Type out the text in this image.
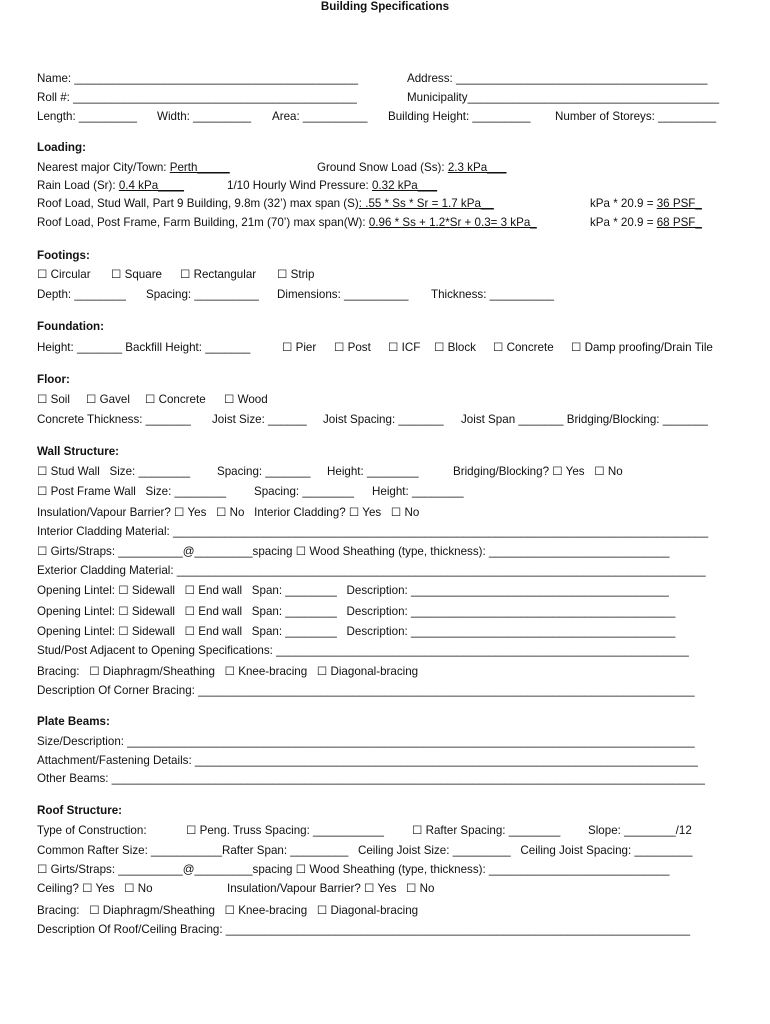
Building Specifications
Name: ____________________________________________	Address: _______________________________________
Roll #: ____________________________________________	Municipality_______________________________________
Length: _________ Width: _________ Area: __________ Building Height: _________ Number of Storeys: _________
Loading:
Nearest major City/Town: Perth_____	Ground Snow Load (Ss): 2.3 kPa___
Rain Load (Sr): 0.4 kPa____	1/10 Hourly Wind Pressure: 0.32 kPa___
Roof Load, Stud Wall, Part 9 Building, 9.8m (32’) max span (S): .55 * Ss * Sr = 1.7 kPa__	kPa * 20.9 = 36 PSF_
Roof Load, Post Frame, Farm Building, 21m (70’) max span(W): 0.96 * Ss + 1.2*Sr + 0.3= 3 kPa_	kPa * 20.9 = 68 PSF_
Footings:
☐ Circular ☐ Square ☐ Rectangular ☐ Strip
Depth: ________ Spacing: __________ Dimensions: __________ Thickness: __________
Foundation:
Height: _______ Backfill Height: _______	☐ Pier ☐ Post ☐ ICF ☐ Block ☐ Concrete ☐ Damp proofing/Drain Tile
Floor:
☐ Soil ☐ Gavel ☐ Concrete ☐ Wood
Concrete Thickness: _______ Joist Size: ______ Joist Spacing: _______ Joist Span _______ Bridging/Blocking: _______
Wall Structure:
☐ Stud Wall   Size: ________ Spacing: _______ Height: ________	Bridging/Blocking? ☐ Yes   ☐ No
☐ Post Frame Wall   Size: ________ Spacing: ________ Height: ________
Insulation/Vapour Barrier? ☐ Yes   ☐ No   Interior Cladding? ☐ Yes   ☐ No
Interior Cladding Material: ___________________________________________________________________________________
☐ Girts/Straps: __________@_________spacing ☐ Wood Sheathing (type, thickness): ____________________________
Exterior Cladding Material: __________________________________________________________________________________
Opening Lintel: ☐ Sidewall   ☐ End wall   Span: ________   Description: ________________________________________
Opening Lintel: ☐ Sidewall   ☐ End wall   Span: ________   Description: _________________________________________
Opening Lintel: ☐ Sidewall   ☐ End wall   Span: ________   Description: _________________________________________
Stud/Post Adjacent to Opening Specifications: ________________________________________________________________
Bracing:   ☐ Diaphragm/Sheathing   ☐ Knee-bracing   ☐ Diagonal-bracing
Description Of Corner Bracing: _____________________________________________________________________________
Plate Beams:
Size/Description: ________________________________________________________________________________________
Attachment/Fastening Details: ______________________________________________________________________________
Other Beams: ____________________________________________________________________________________________
Roof Structure:
Type of Construction:	☐ Peng. Truss Spacing: ___________ ☐ Rafter Spacing: ________ Slope: ________/12
Common Rafter Size: ___________Rafter Span: _________   Ceiling Joist Size: _________   Ceiling Joist Spacing: _________
☐ Girts/Straps: __________@_________spacing ☐ Wood Sheathing (type, thickness): ____________________________
Ceiling? ☐ Yes   ☐ No	Insulation/Vapour Barrier? ☐ Yes   ☐ No
Bracing:   ☐ Diaphragm/Sheathing   ☐ Knee-bracing   ☐ Diagonal-bracing
Description Of Roof/Ceiling Bracing: ________________________________________________________________________
